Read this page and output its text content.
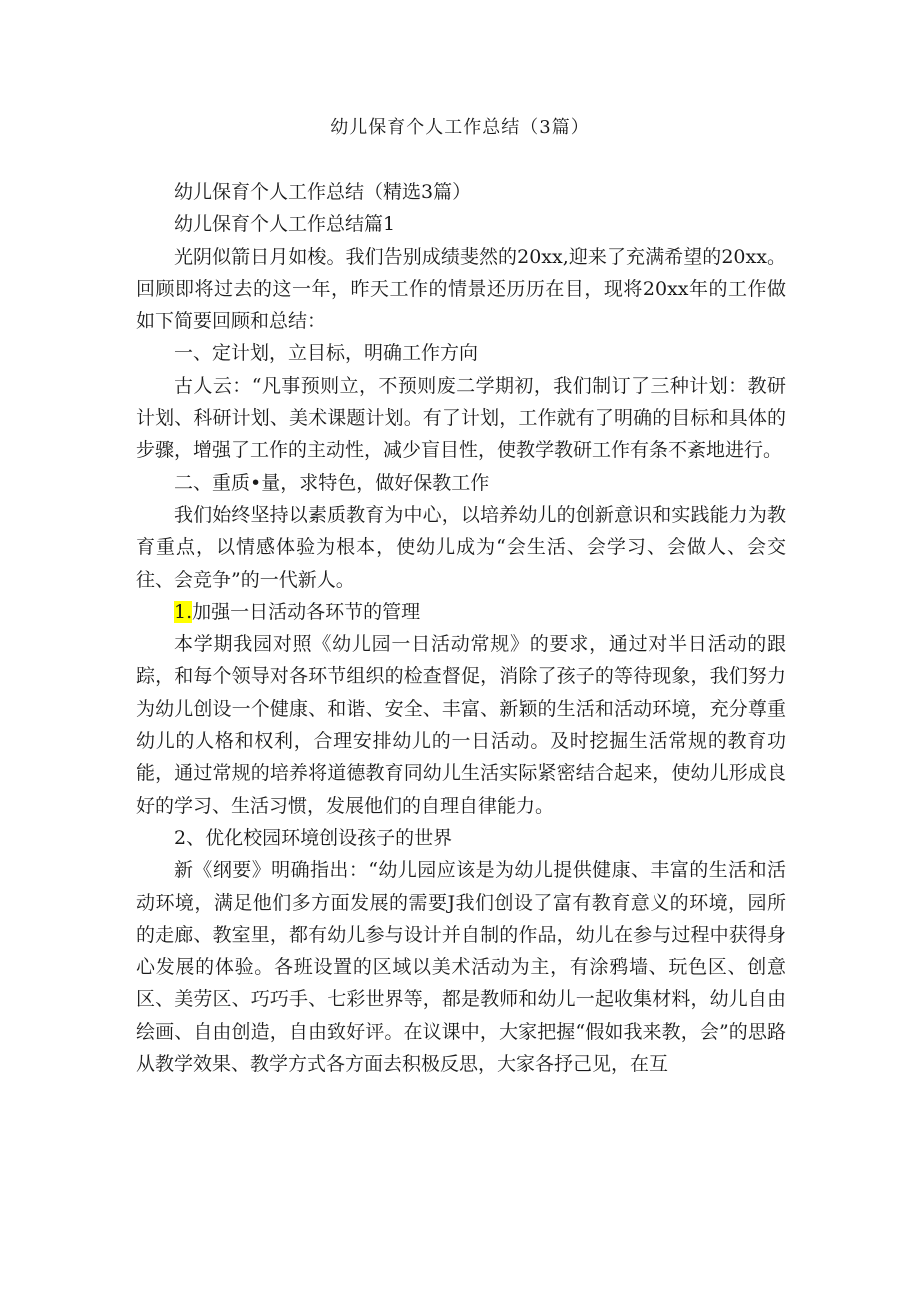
幼儿保育个人工作总结（3篇）

幼儿保育个人工作总结（精选3篇）

幼儿保育个人工作总结篇1

光阴似箭日月如梭。我们告别成绩斐然的20xx,迎来了充满希望的20xx。回顾即将过去的这一年，昨天工作的情景还历历在目，现将20xx年的工作做如下简要回顾和总结：

一、定计划，立目标，明确工作方向

古人云：“凡事预则立，不预则废二学期初，我们制订了三种计划：教研计划、科研计划、美术课题计划。有了计划，工作就有了明确的目标和具体的步骤，增强了工作的主动性，减少盲目性，使教学教研工作有条不紊地进行。

二、重质•量，求特色，做好保教工作

我们始终坚持以素质教育为中心，以培养幼儿的创新意识和实践能力为教育重点，以情感体验为根本，使幼儿成为“会生活、会学习、会做人、会交往、会竞争”的一代新人。

1.加强一日活动各环节的管理

本学期我园对照《幼儿园一日活动常规》的要求，通过对半日活动的跟踪，和每个领导对各环节组织的检查督促，消除了孩子的等待现象，我们努力为幼儿创设一个健康、和谐、安全、丰富、新颖的生活和活动环境，充分尊重幼儿的人格和权利，合理安排幼儿的一日活动。及时挖掘生活常规的教育功能，通过常规的培养将道德教育同幼儿生活实际紧密结合起来，使幼儿形成良好的学习、生活习惯，发展他们的自理自律能力。

2、优化校园环境创设孩子的世界

新《纲要》明确指出：“幼儿园应该是为幼儿提供健康、丰富的生活和活动环境，满足他们多方面发展的需要J我们创设了富有教育意义的环境，园所的走廊、教室里，都有幼儿参与设计并自制的作品，幼儿在参与过程中获得身心发展的体验。各班设置的区域以美术活动为主，有涂鸦墙、玩色区、创意区、美劳区、巧巧手、七彩世界等，都是教师和幼儿一起收集材料，幼儿自由绘画、自由创造，自由致好评。在议课中，大家把握“假如我来教，会”的思路从教学效果、教学方式各方面去积极反思，大家各抒己见，在互
